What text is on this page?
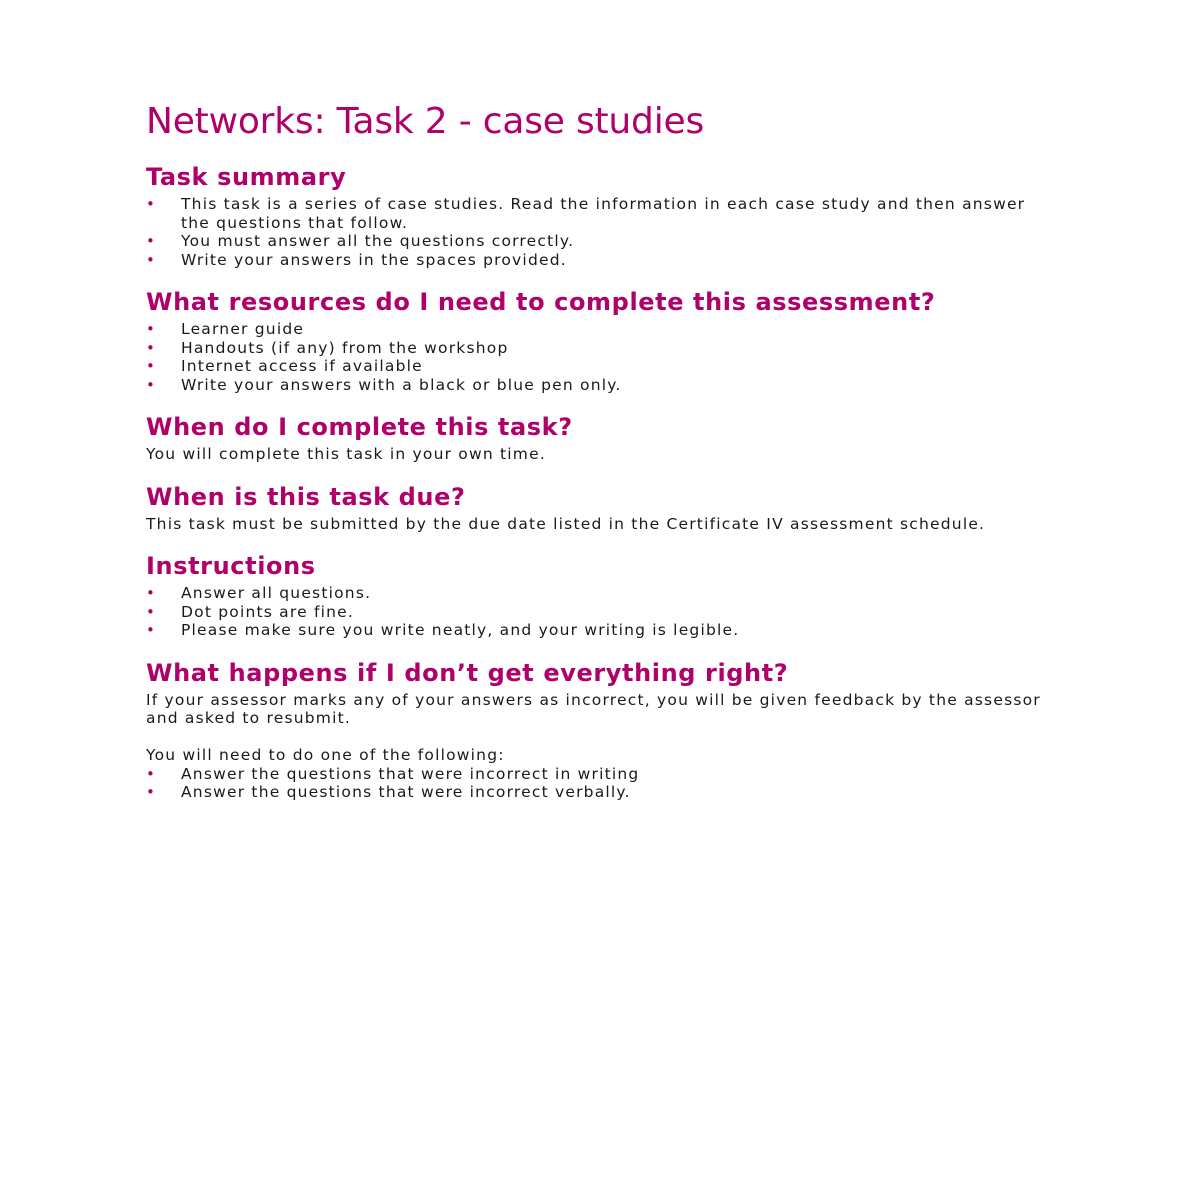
Networks: Task 2 - case studies
Task summary
• This task is a series of case studies. Read the information in each case study and then answer the questions that follow.
• You must answer all the questions correctly.
• Write your answers in the spaces provided.
What resources do I need to complete this assessment?
• Learner guide
• Handouts (if any) from the workshop
• Internet access if available
• Write your answers with a black or blue pen only.
When do I complete this task?

You will complete this task in your own time.

When is this task due?

This task must be submitted by the due date listed in the Certificate IV assessment schedule.

Instructions
• Answer all questions.
• Dot points are fine.
• Please make sure you write neatly, and your writing is legible.
What happens if I don’t get everything right?

If your assessor marks any of your answers as incorrect, you will be given feedback by the assessor and asked to resubmit.

You will need to do one of the following:

• Answer the questions that were incorrect in writing
• Answer the questions that were incorrect verbally.
